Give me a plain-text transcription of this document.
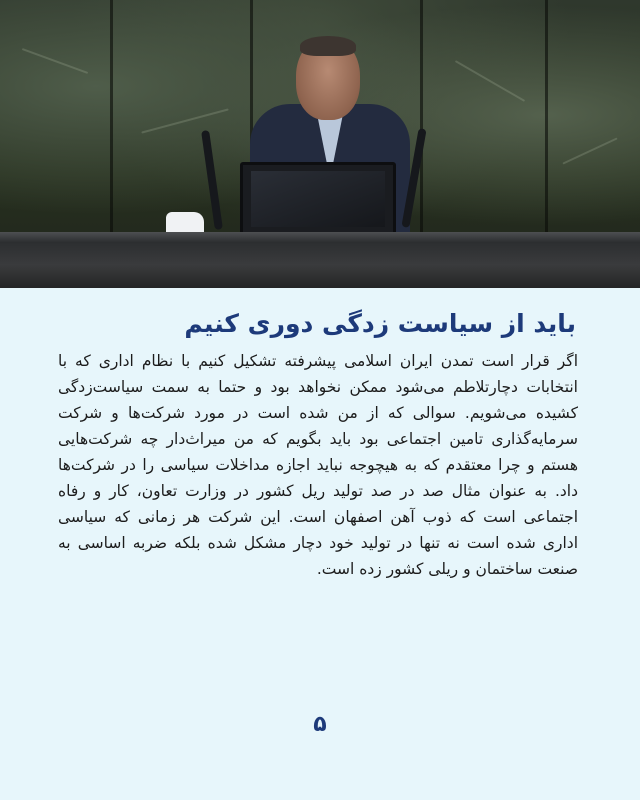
باید از سیاست زدگی دوری کنیم

اگر قرار است تمدن ایران اسلامی پیشرفته تشکیل کنیم با نظام اداری که با انتخابات دچارتلاطم می‌شود ممکن نخواهد بود و حتما به سمت سیاست‌زدگی کشیده می‌شویم. سوالی که از من شده است در مورد شرکت‌ها و شرکت سرمایه‌گذاری تامین اجتماعی بود باید بگویم که من میراث‌دار چه شرکت‌هایی هستم و چرا معتقدم که به هیچوجه نباید اجازه مداخلات سیاسی را در شرکت‌ها داد. به عنوان مثال صد در صد تولید ریل کشور در وزارت تعاون، کار و رفاه اجتماعی است که ذوب آهن اصفهان است. این شرکت هر زمانی که سیاسی اداری شده است نه تنها در تولید خود دچار مشکل شده بلکه ضربه اساسی به صنعت ساختمان و ریلی کشور زده است.

۵
